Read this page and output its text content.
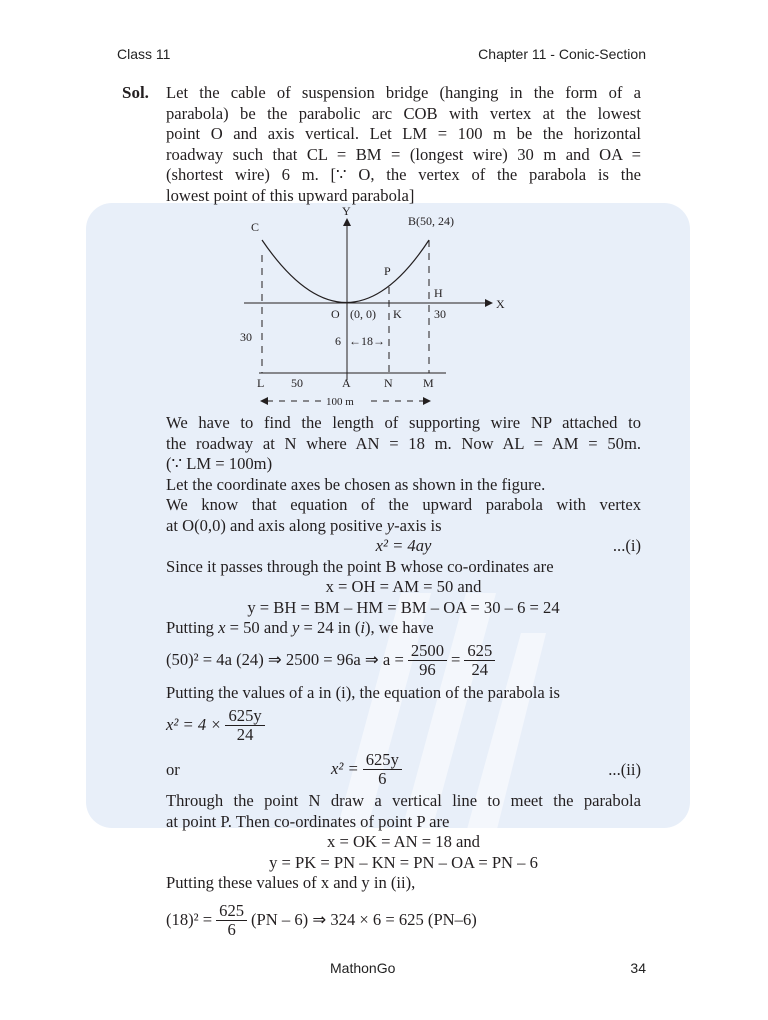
Class 11	Chapter 11 - Conic-Section
Sol. Let the cable of suspension bridge (hanging in the form of a
parabola) be the parabolic arc COB with vertex at the lowest
point O and axis vertical. Let LM = 100 m be the horizontal
roadway such that CL = BM = (longest wire) 30 m and OA =
(shortest wire) 6 m. [∵ O, the vertex of the parabola is the
lowest point of this upward parabola]
Y
X
C	B(50, 24)
P
H
O (0, 0) K
30
30
6 ←18→
L 50	A	N	M
100 m
We have to find the length of supporting wire NP attached to
the roadway at N where AN = 18 m. Now AL = AM = 50m.
(∵ LM = 100m)
Let the coordinate axes be chosen as shown in the figure.
We know that equation of the upward parabola with vertex
at O(0,0) and axis along positive y-axis is
x² = 4ay	...(i)
Since it passes through the point B whose co-ordinates are
x = OH = AM = 50 and
y = BH = BM – HM = BM – OA = 30 – 6 = 24
Putting x = 50 and y = 24 in (i), we have
(50)² = 4a (24) ⇒ 2500 = 96a ⇒ $a = \frac{2500}{96} = \frac{625}{24}$
Putting the values of a in (i), the equation of the parabola is
$x^2 = 4 \times \frac{625y}{24}$
or	$x^2 = \frac{625y}{6}$	...(ii)
Through the point N draw a vertical line to meet the parabola
at point P. Then co-ordinates of point P are
x = OK = AN = 18 and
y = PK = PN – KN = PN – OA = PN – 6
Putting these values of x and y in (ii),
$(18)^2 = \frac{625}{6} (PN - 6)$ ⇒ 324 × 6 = 625 (PN–6)
MathonGo	34
